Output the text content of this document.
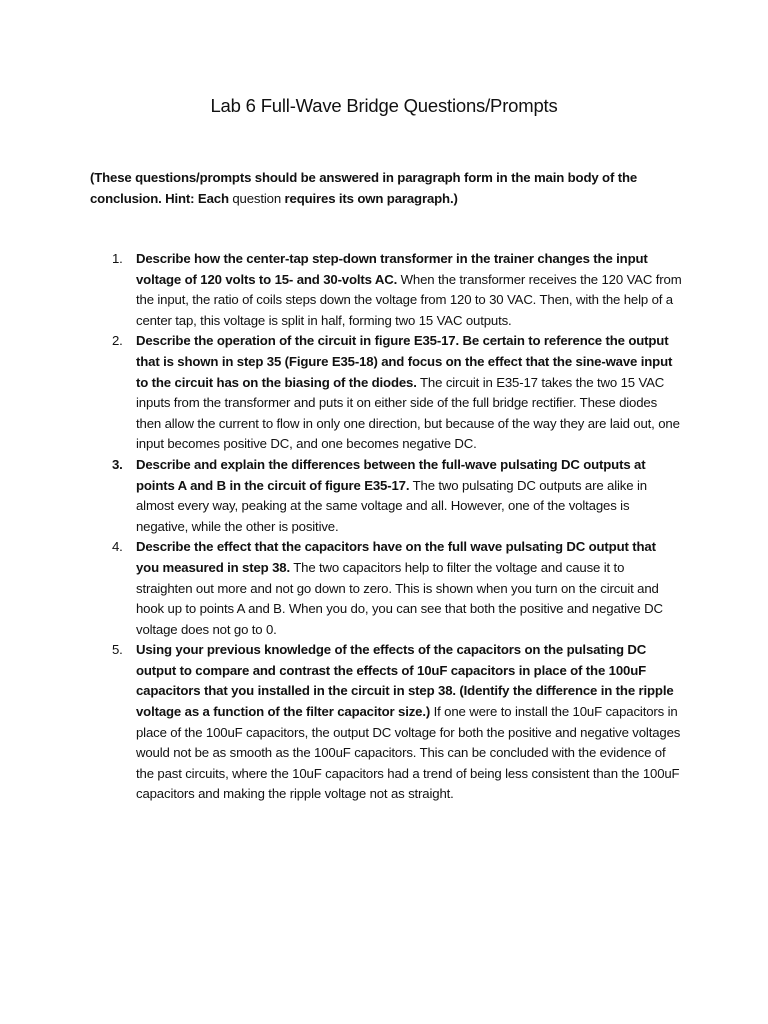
Lab 6 Full-Wave Bridge Questions/Prompts

(These questions/prompts should be answered in paragraph form in the main body of the conclusion. Hint: Each question requires its own paragraph.)

1. Describe how the center-tap step-down transformer in the trainer changes the input voltage of 120 volts to 15- and 30-volts AC. When the transformer receives the 120 VAC from the input, the ratio of coils steps down the voltage from 120 to 30 VAC. Then, with the help of a center tap, this voltage is split in half, forming two 15 VAC outputs.
2. Describe the operation of the circuit in figure E35-17. Be certain to reference the output that is shown in step 35 (Figure E35-18) and focus on the effect that the sine-wave input to the circuit has on the biasing of the diodes. The circuit in E35-17 takes the two 15 VAC inputs from the transformer and puts it on either side of the full bridge rectifier. These diodes then allow the current to flow in only one direction, but because of the way they are laid out, one input becomes positive DC, and one becomes negative DC.
3. Describe and explain the differences between the full-wave pulsating DC outputs at points A and B in the circuit of figure E35-17. The two pulsating DC outputs are alike in almost every way, peaking at the same voltage and all. However, one of the voltages is negative, while the other is positive.
4. Describe the effect that the capacitors have on the full wave pulsating DC output that you measured in step 38. The two capacitors help to filter the voltage and cause it to straighten out more and not go down to zero. This is shown when you turn on the circuit and hook up to points A and B. When you do, you can see that both the positive and negative DC voltage does not go to 0.
5. Using your previous knowledge of the effects of the capacitors on the pulsating DC output to compare and contrast the effects of 10uF capacitors in place of the 100uF capacitors that you installed in the circuit in step 38. (Identify the difference in the ripple voltage as a function of the filter capacitor size.) If one were to install the 10uF capacitors in place of the 100uF capacitors, the output DC voltage for both the positive and negative voltages would not be as smooth as the 100uF capacitors. This can be concluded with the evidence of the past circuits, where the 10uF capacitors had a trend of being less consistent than the 100uF capacitors and making the ripple voltage not as straight.
